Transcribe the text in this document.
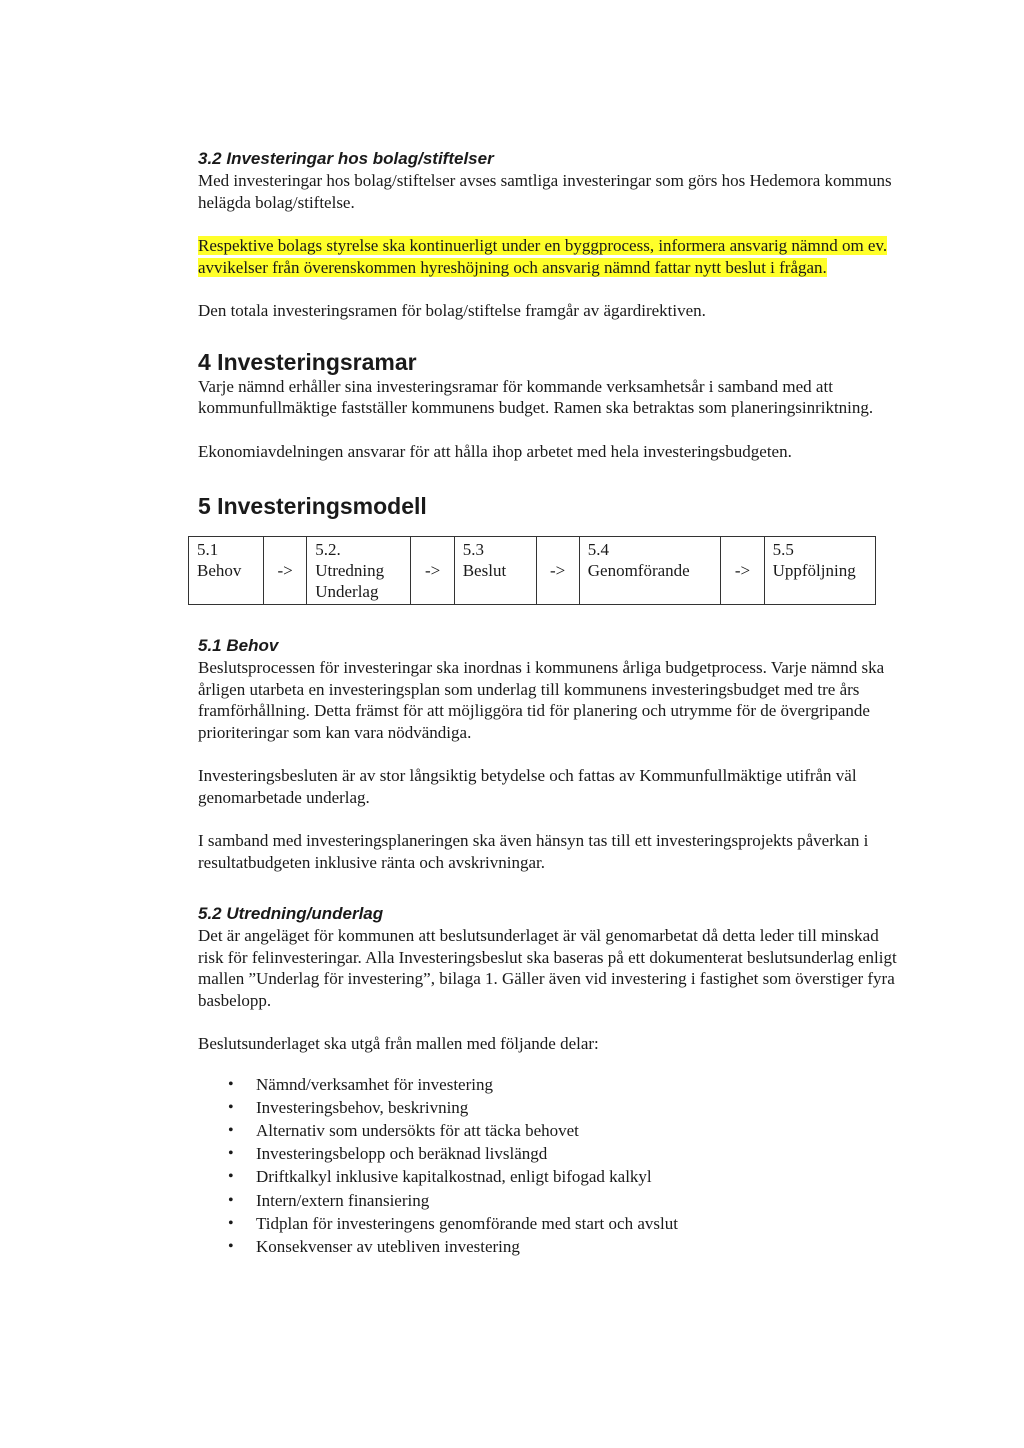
3.2 Investeringar hos bolag/stiftelser

Med investeringar hos bolag/stiftelser avses samtliga investeringar som görs hos Hedemora kommuns helägda bolag/stiftelse.

Respektive bolags styrelse ska kontinuerligt under en byggprocess, informera ansvarig nämnd om ev. avvikelser från överenskommen hyreshöjning och ansvarig nämnd fattar nytt beslut i frågan.

Den totala investeringsramen för bolag/stiftelse framgår av ägardirektiven.

4 Investeringsramar

Varje nämnd erhåller sina investeringsramar för kommande verksamhetsår i samband med att kommunfullmäktige fastställer kommunens budget. Ramen ska betraktas som planeringsinriktning.

Ekonomiavdelningen ansvarar för att hålla ihop arbetet med hela investeringsbudgeten.

5 Investeringsmodell
5.1
Behov	->	
5.2.
Utredning
Underlag
	->	
5.3
Beslut	->	
5.4
Genomförande	->	
5.5
Uppföljning
5.1 Behov

Beslutsprocessen för investeringar ska inordnas i kommunens årliga budgetprocess. Varje nämnd ska årligen utarbeta en investeringsplan som underlag till kommunens investeringsbudget med tre års framförhållning. Detta främst för att möjliggöra tid för planering och utrymme för de övergripande prioriteringar som kan vara nödvändiga.

Investeringsbesluten är av stor långsiktig betydelse och fattas av Kommunfullmäktige utifrån väl genomarbetade underlag.

I samband med investeringsplaneringen ska även hänsyn tas till ett investeringsprojekts påverkan i resultatbudgeten inklusive ränta och avskrivningar.

5.2 Utredning/underlag

Det är angeläget för kommunen att beslutsunderlaget är väl genomarbetat då detta leder till minskad risk för felinvesteringar. Alla Investeringsbeslut ska baseras på ett dokumenterat beslutsunderlag enligt mallen ”Underlag för investering”, bilaga 1. Gäller även vid investering i fastighet som överstiger fyra basbelopp.

Beslutsunderlaget ska utgå från mallen med följande delar:

• Nämnd/verksamhet för investering
• Investeringsbehov, beskrivning
• Alternativ som undersökts för att täcka behovet
• Investeringsbelopp och beräknad livslängd
• Driftkalkyl inklusive kapitalkostnad, enligt bifogad kalkyl
• Intern/extern finansiering
• Tidplan för investeringens genomförande med start och avslut
• Konsekvenser av utebliven investering
